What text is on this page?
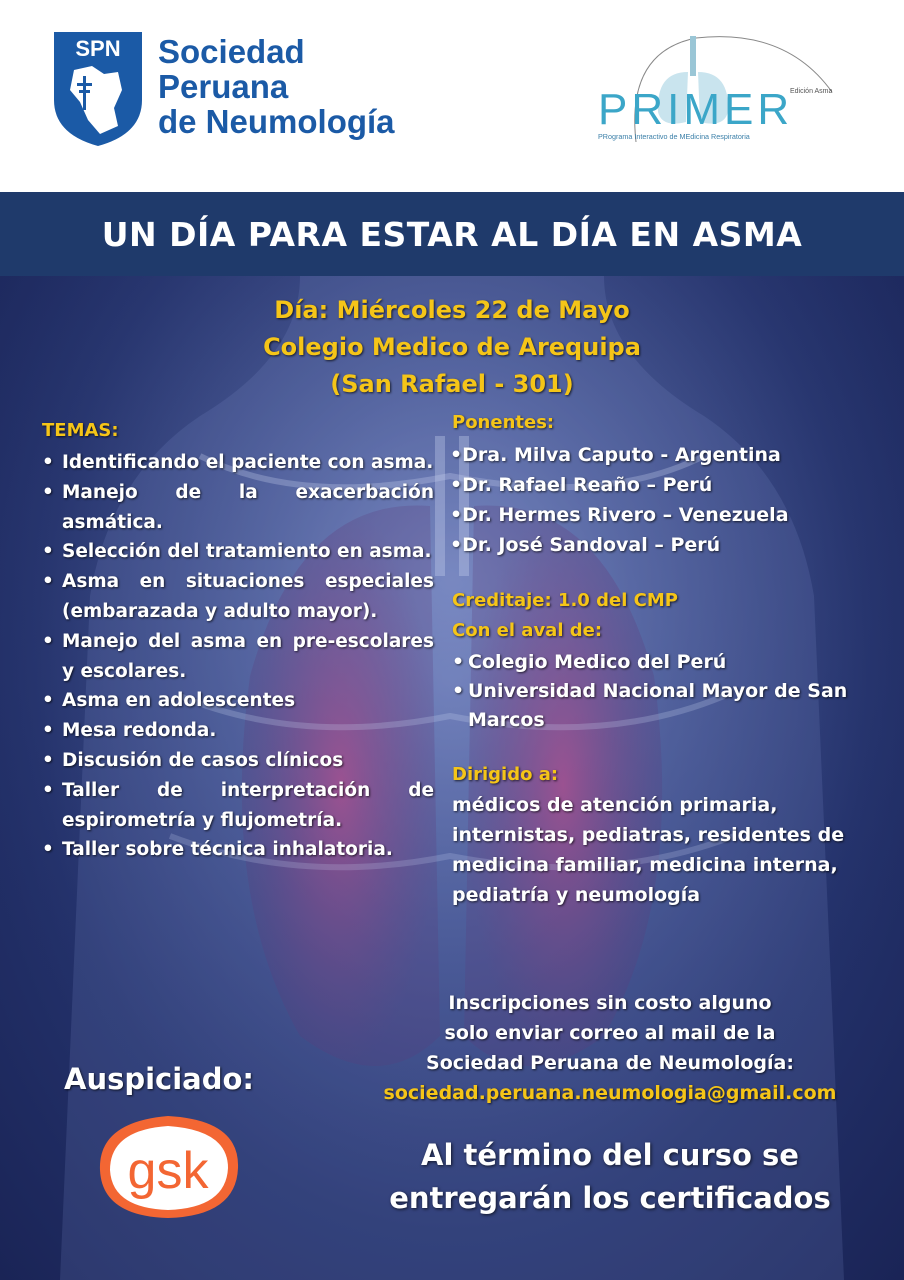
SPN Sociedad
Peruana
de Neumología
Edición Asma
PRIMER
PRograma Interactivo de MEdicina Respiratoria
UN DÍA PARA ESTAR AL DÍA EN ASMA
Día: Miércoles 22 de Mayo
Colegio Medico de Arequipa
(San Rafael - 301)
TEMAS:
• Identificando el paciente con asma.
• Manejo de la exacerbación asmática.
• Selección del tratamiento en asma.
• Asma en situaciones especiales (embarazada y adulto mayor).
• Manejo del asma en pre-escolares y escolares.
• Asma en adolescentes
• Mesa redonda.
• Discusión de casos clínicos
• Taller de interpretación de espirometría y flujometría.
• Taller sobre técnica inhalatoria.
Ponentes:
•Dra. Milva Caputo - Argentina
•Dr. Rafael Reaño – Perú
•Dr. Hermes Rivero – Venezuela
•Dr. José Sandoval – Perú
Creditaje: 1.0 del CMP
Con el aval de:
• Colegio Medico del Perú
• Universidad Nacional Mayor de San Marcos
Dirigido a:
médicos de atención primaria, internistas, pediatras, residentes de medicina familiar, medicina interna, pediatría y neumología
Inscripciones sin costo alguno
solo enviar correo al mail de la
Sociedad Peruana de Neumología:
sociedad.peruana.neumologia@gmail.com
Auspiciado:
gsk	Al término del curso se entregarán los certificados
